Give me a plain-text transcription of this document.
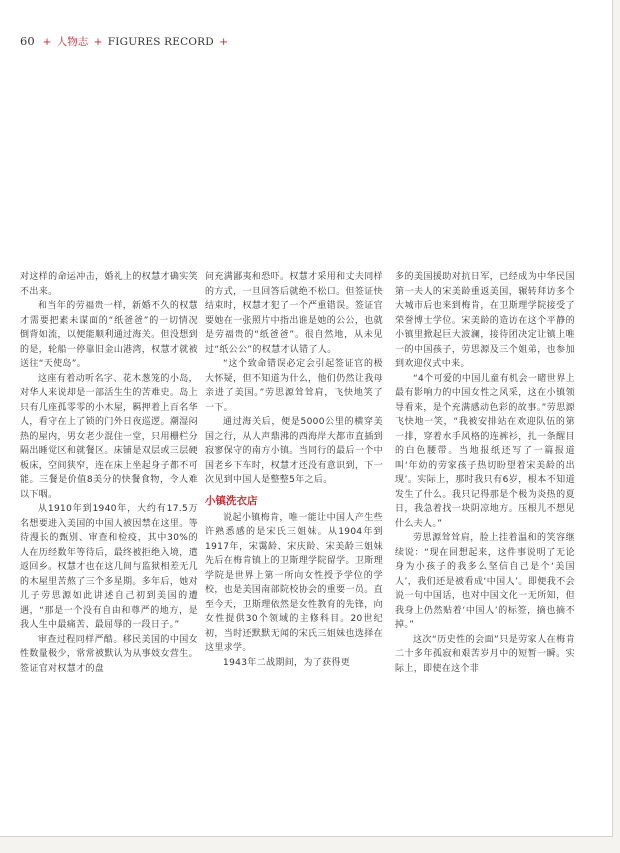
60 + 人物志 + FIGURES RECORD +

对这样的命运冲击，婚礼上的权慧才确实笑不出来。

和当年的劳福贵一样，新婚不久的权慧才需要把素未谋面的“纸爸爸”的一切情况倒背如流，以便能顺利通过海关。但没想到的是，轮船一停靠旧金山港湾，权慧才就被送往“天使岛”。

这座有着动听名字、花木葱笼的小岛，对华人来说却是一部活生生的苦难史。岛上只有几座孤零零的小木屋，羁押着上百名华人，看守在上了锁的门外日夜巡逻。潮湿闷热的屋内，男女老少混住一堂，只用栅栏分隔出睡觉区和就餐区。床铺是双层或三层硬板床，空间狭窄，连在床上坐起身子都不可能。三餐是价值8美分的快餐食物，令人难以下咽。

从1910年到1940年，大约有17.5万名想要进入美国的中国人被因禁在这里。等待漫长的甄别、审查和检疫，其中30%的人在历经数年等待后，最终被拒绝入境，遣返回乡。权慧才也在这几间与监狱相差无几的木屋里苦熬了三个多星期。多年后，她对儿子劳思源如此讲述自己初到美国的遭遇，“那是一个没有自由和尊严的地方，是我人生中最痛苦、最屈辱的一段日子。”

审查过程同样严酷。移民美国的中国女性数量极少，常常被默认为从事妓女营生。签证官对权慧才的盘

问充满鄙夷和恐吓。权慧才采用和丈夫同样的方式，一旦回答后就绝不松口。但签证快结束时，权慧才犯了一个严重错误。签证官要她在一张照片中指出谁是她的公公，也就是劳福贵的“纸爸爸”。很自然地，从未见过“纸公公”的权慧才认错了人。

“这个致命错误必定会引起签证官的极大怀疑，但不知道为什么，他们仍然让我母亲进了美国。”劳思源耸耸肩，飞快地笑了一下。

通过海关后，便是5000公里的横穿美国之行，从人声鼎沸的西海岸大都市直插到寂寥保守的南方小镇。当同行的最后一个中国老乡下车时，权慧才还没有意识到，下一次见到中国人是整整5年之后。

小镇洗衣店

说起小镇梅肯，唯一能让中国人产生些许熟悉感的是宋氏三姐妹。从1904年到1917年，宋霭龄、宋庆龄、宋美龄三姐妹先后在梅肯镇上的卫斯理学院留学。卫斯理学院是世界上第一所向女性授予学位的学校，也是美国南部院校协会的重要一员。直至今天，卫斯理依然是女性教育的先锋，向女性提供30个领域的主修科目。20世纪初，当时还默默无闻的宋氏三姐妹也选择在这里求学。

1943年二战期间，为了获得更

多的美国援助对抗日军，已经成为中华民国第一夫人的宋美龄重返美国，辗转拜访多个大城市后也来到梅肯，在卫斯理学院接受了荣誉博士学位。宋美龄的造访在这个平静的小镇里掀起巨大波澜，接待团决定让镇上唯一的中国孩子，劳思源及三个姐弟，也参加到欢迎仪式中来。

“4个可爱的中国儿童有机会一睹世界上最有影响力的中国女性之风采，这在小镇领导看来，是个充满感动色彩的故事。”劳思源飞快地一笑，“我被安排站在欢迎队伍的第一排，穿着水手风格的连裤衫，扎一条醒目的白色腰带。当地报纸还写了一篇报道叫‘年幼的劳家孩子热切盼望着宋美龄的出现’。实际上，那时我只有6岁，根本不知道发生了什么。我只记得那是个极为炎热的夏日，我急着找一块阴凉地方。压根儿不想见什么夫人。”

劳思源耸耸肩，脸上挂着温和的笑容继续说：“现在回想起来，这件事说明了无论身为小孩子的我多么坚信自己是个‘美国人’，我们还是被看成‘中国人’。即便我不会说一句中国话，也对中国文化一无所知，但我身上仍然贴着‘中国人’的标签，摘也摘不掉。”

这次“历史性的会面”只是劳家人在梅肯二十多年孤寂和艰苦岁月中的短暂一瞬。实际上，即使在这个非
